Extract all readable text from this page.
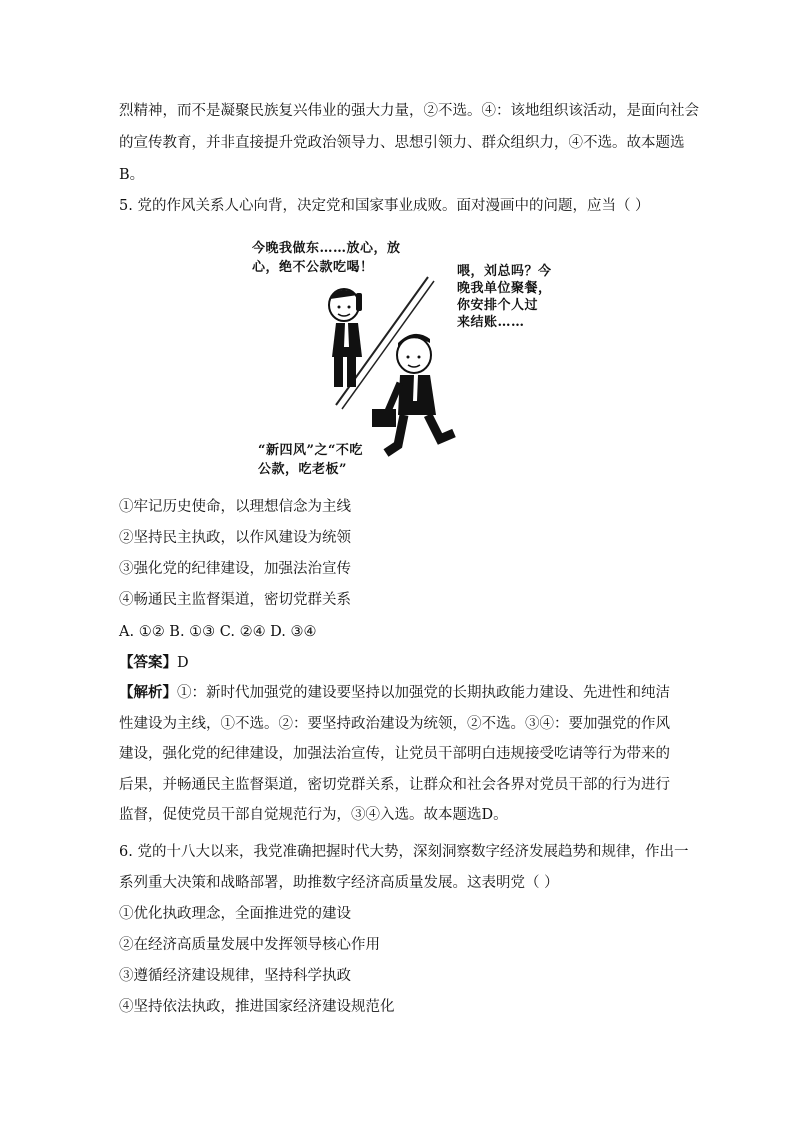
烈精神，而不是凝聚民族复兴伟业的强大力量，②不选。④：该地组织该活动，是面向社会
的宣传教育，并非直接提升党政治领导力、思想引领力、群众组织力，④不选。故本题选
B。
5. 党的作风关系人心向背，决定党和国家事业成败。面对漫画中的问题，应当（ ）
今晚我做东……放心，放
心，绝不公款吃喝！	喂，刘总吗？今
晚我单位聚餐，
你安排个人过
来结账……
“新四风”之“不吃
公款，吃老板”
①牢记历史使命，以理想信念为主线
②坚持民主执政，以作风建设为统领
③强化党的纪律建设，加强法治宣传
④畅通民主监督渠道，密切党群关系
A. ①② B. ①③ C. ②④ D. ③④
【答案】D
【解析】①：新时代加强党的建设要坚持以加强党的长期执政能力建设、先进性和纯洁性建设为主线，①不选。②：要坚持政治建设为统领，②不选。③④：要加强党的作风建设，强化党的纪律建设，加强法治宣传，让党员干部明白违规接受吃请等行为带来的后果，并畅通民主监督渠道，密切党群关系，让群众和社会各界对党员干部的行为进行监督，促使党员干部自觉规范行为，③④入选。故本题选D。
6. 党的十八大以来，我党准确把握时代大势，深刻洞察数字经济发展趋势和规律，作出一
系列重大决策和战略部署，助推数字经济高质量发展。这表明党（ ）
①优化执政理念，全面推进党的建设
②在经济高质量发展中发挥领导核心作用
③遵循经济建设规律，坚持科学执政
④坚持依法执政，推进国家经济建设规范化
